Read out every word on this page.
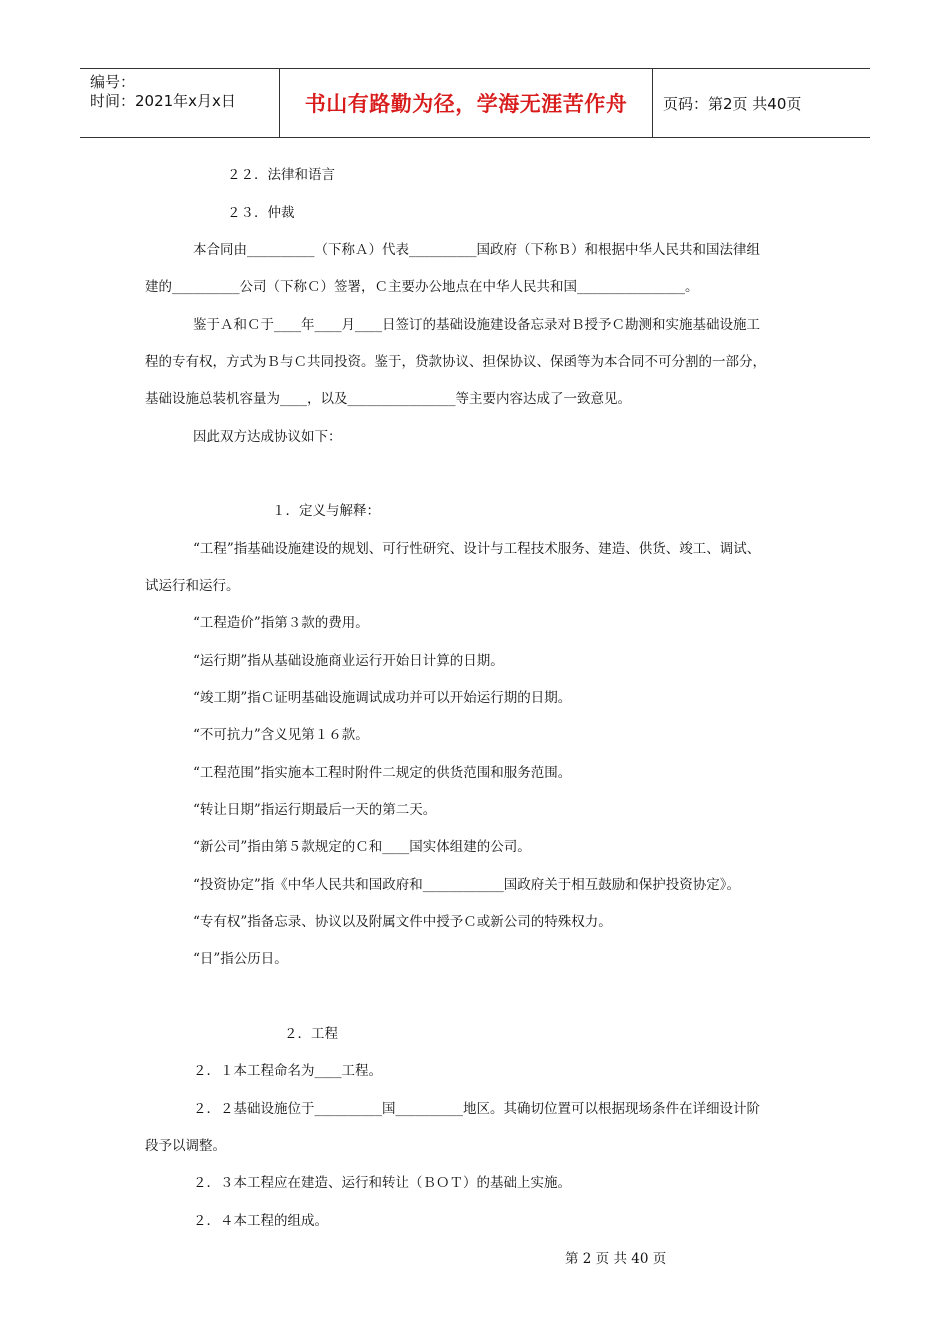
编号：
时间：2021年x月x日	书山有路勤为径，学海无涯苦作舟	页码：第2页 共40页
２２．法律和语言
２３．仲裁
本合同由__________（下称Ａ）代表__________国政府（下称Ｂ）和根据中华人民共和国法律组
建的__________公司（下称Ｃ）签署，Ｃ主要办公地点在中华人民共和国________________。
鉴于Ａ和Ｃ于____年____月____日签订的基础设施建设备忘录对Ｂ授予Ｃ勘测和实施基础设施工
程的专有权，方式为Ｂ与Ｃ共同投资。鉴于，贷款协议、担保协议、保函等为本合同不可分割的一部分，
基础设施总装机容量为____，以及________________等主要内容达成了一致意见。
因此双方达成协议如下：
１．定义与解释：
“工程”指基础设施建设的规划、可行性研究、设计与工程技术服务、建造、供货、竣工、调试、
试运行和运行。
“工程造价”指第３款的费用。
“运行期”指从基础设施商业运行开始日计算的日期。
“竣工期”指Ｃ证明基础设施调试成功并可以开始运行期的日期。
“不可抗力”含义见第１６款。
“工程范围”指实施本工程时附件二规定的供货范围和服务范围。
“转让日期”指运行期最后一天的第二天。
“新公司”指由第５款规定的Ｃ和____国实体组建的公司。
“投资协定”指《中华人民共和国政府和____________国政府关于相互鼓励和保护投资协定》。
“专有权”指备忘录、协议以及附属文件中授予Ｃ或新公司的特殊权力。
“日”指公历日。
２．工程
２．１本工程命名为____工程。
２．２基础设施位于__________国__________地区。其确切位置可以根据现场条件在详细设计阶
段予以调整。
２．３本工程应在建造、运行和转让（ＢＯＴ）的基础上实施。
２．４本工程的组成。
第 2 页 共 40 页
